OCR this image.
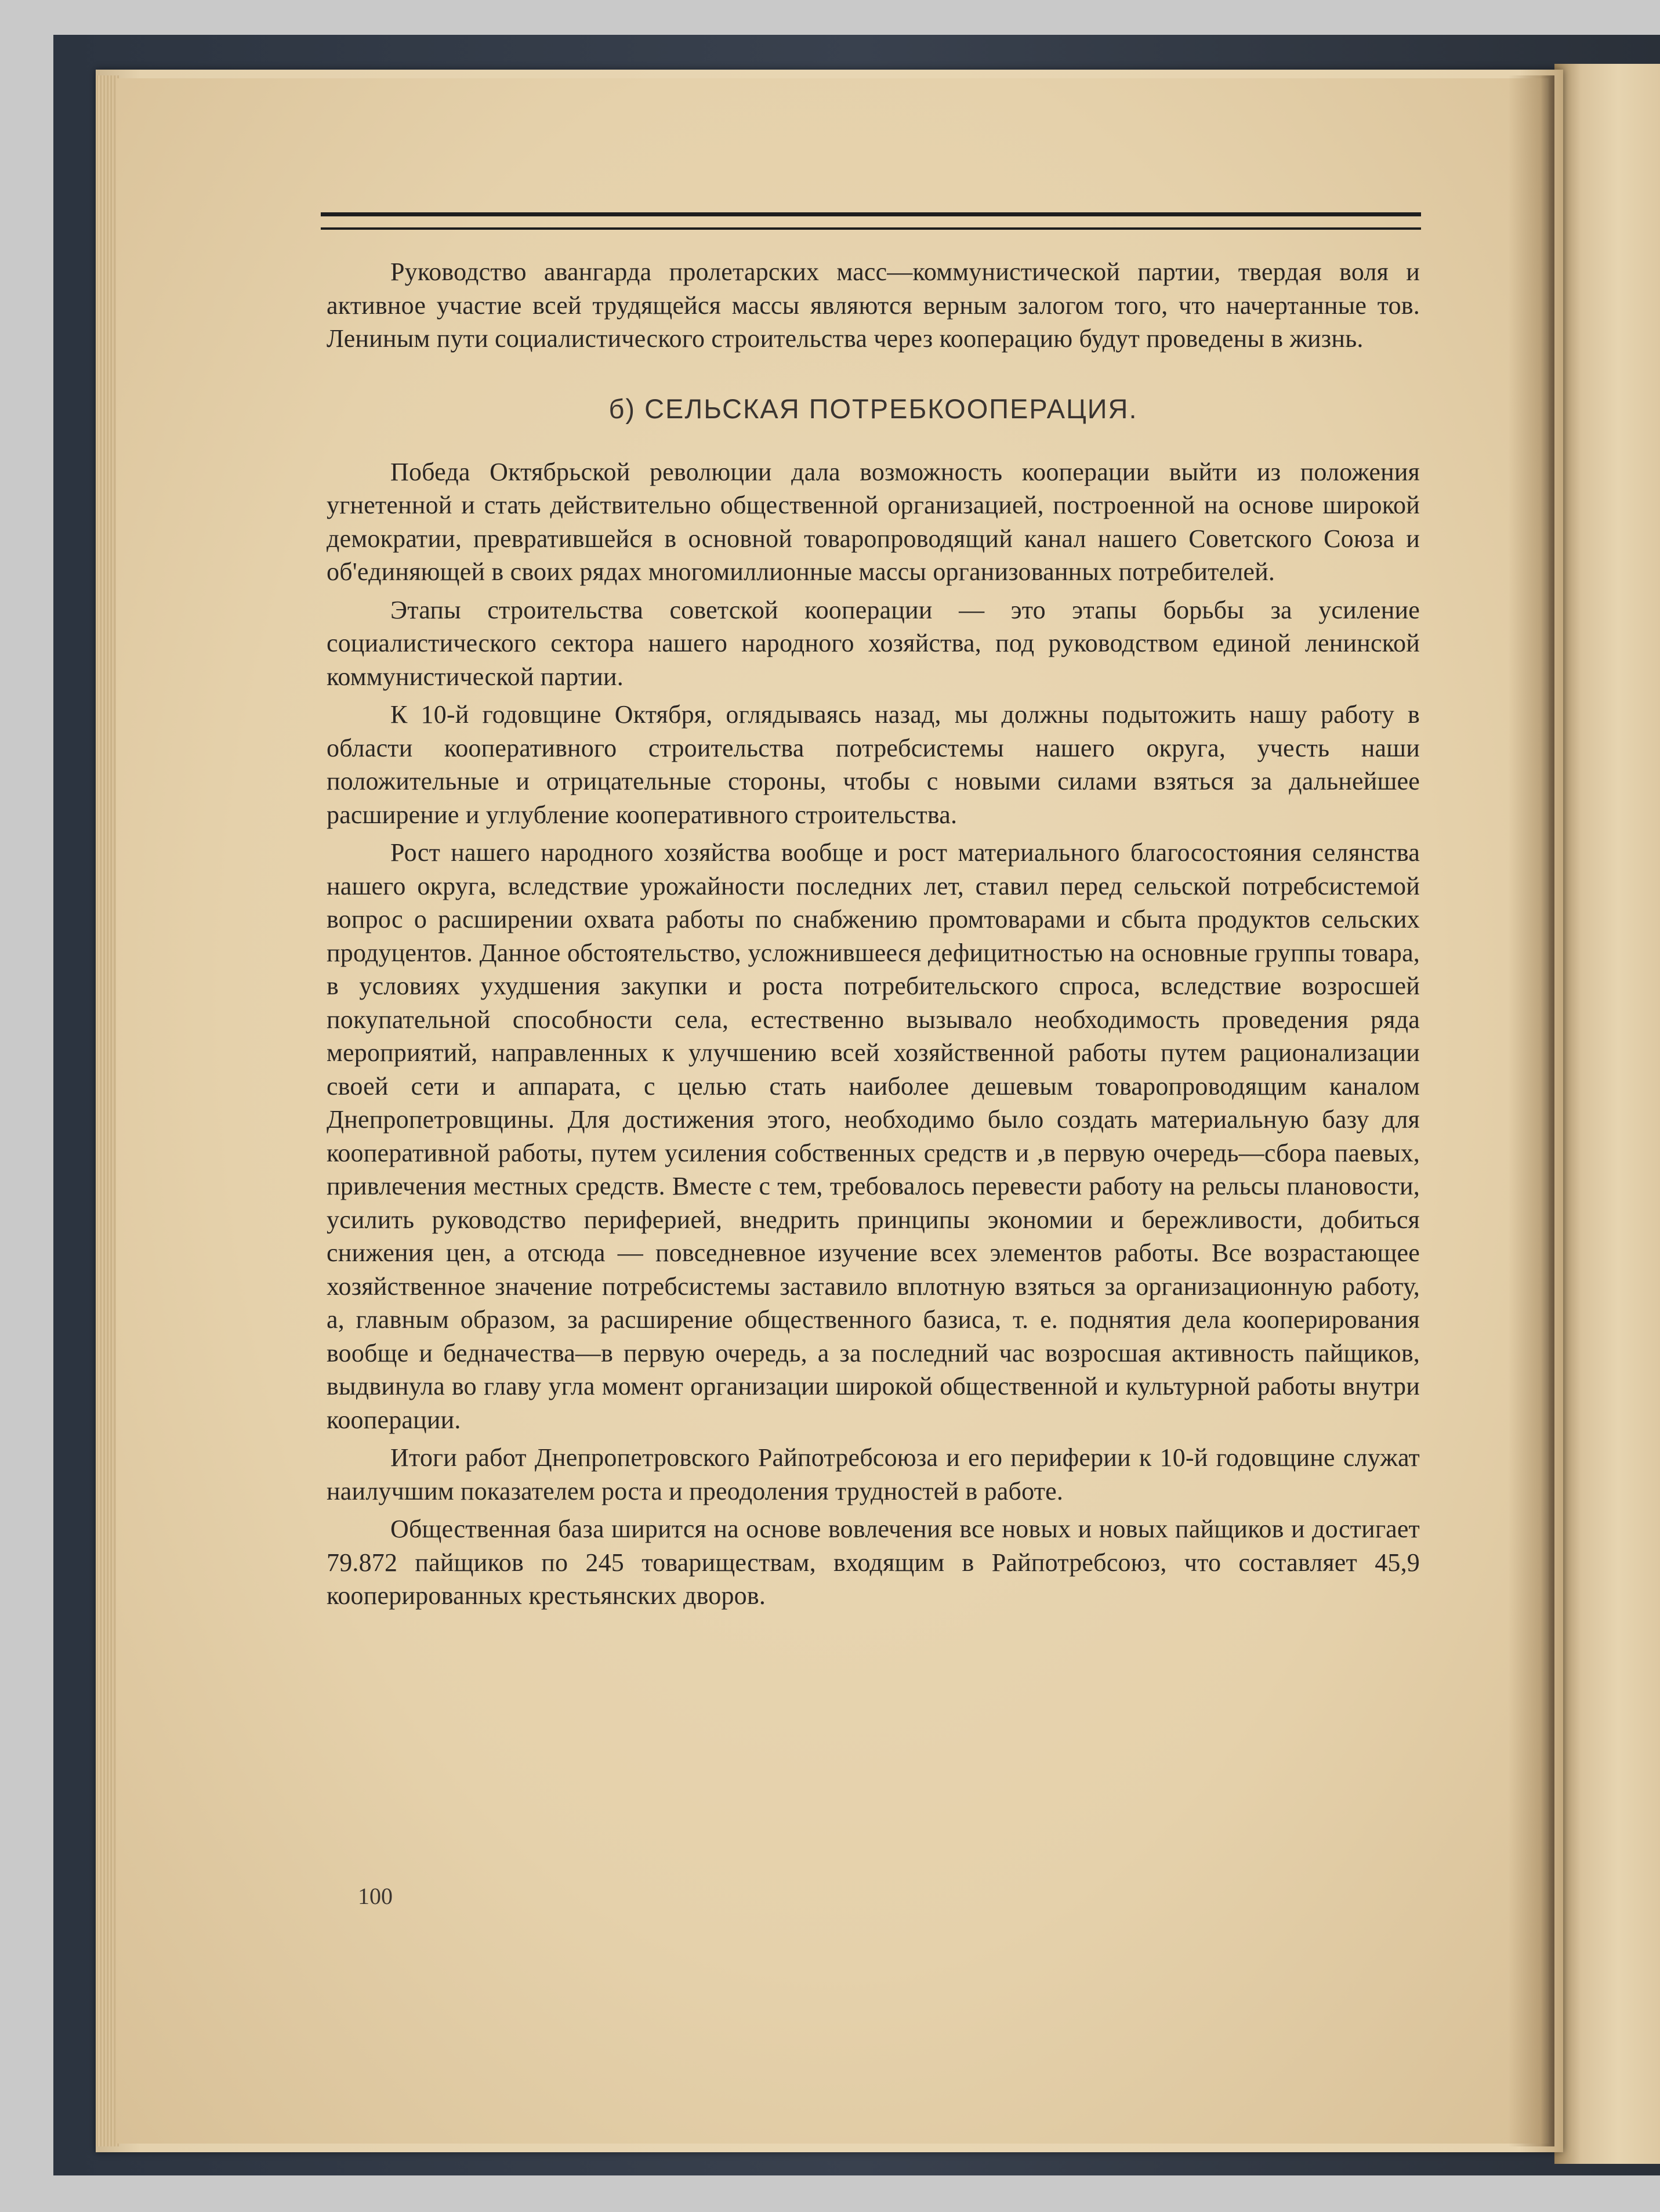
Руководство авангарда пролетарских масс—коммунистической партии, твердая воля и активное участие всей трудящейся массы являются верным залогом того, что начертанные тов. Лениным пути социалистического строительства через кооперацию будут проведены в жизнь.

б) СЕЛЬСКАЯ ПОТРЕБКООПЕРАЦИЯ.

Победа Октябрьской революции дала возможность кооперации выйти из положения угнетенной и стать действительно общественной организацией, построенной на основе широкой демократии, превратившейся в основной товаропроводящий канал нашего Советского Союза и об'единяющей в своих рядах многомиллионные массы организованных потребителей.

Этапы строительства советской кооперации — это этапы борьбы за усиление социалистического сектора нашего народного хозяйства, под руководством единой ленинской коммунистической партии.

К 10-й годовщине Октября, оглядываясь назад, мы должны подытожить нашу работу в области кооперативного строительства потребсистемы нашего округа, учесть наши положительные и отрицательные стороны, чтобы с новыми силами взяться за дальнейшее расширение и углубление кооперативного строительства.

Рост нашего народного хозяйства вообще и рост материального благосостояния селянства нашего округа, вследствие урожайности последних лет, ставил перед сельской потребсистемой вопрос о расширении охвата работы по снабжению промтоварами и сбыта продуктов сельских продуцентов. Данное обстоятельство, усложнившееся дефицитностью на основные группы товара, в условиях ухудшения закупки и роста потребительского спроса, вследствие возросшей покупательной способности села, естественно вызывало необходимость проведения ряда мероприятий, направленных к улучшению всей хозяйственной работы путем рационализации своей сети и аппарата, с целью стать наиболее дешевым товаропроводящим каналом Днепропетровщины. Для достижения этого, необходимо было создать материальную базу для кооперативной работы, путем усиления собственных средств и ,в первую очередь—сбора паевых, привлечения местных средств. Вместе с тем, требовалось перевести работу на рельсы плановости, усилить руководство периферией, внедрить принципы экономии и бережливости, добиться снижения цен, а отсюда — повседневное изучение всех элементов работы. Все возрастающее хозяйственное значение потребсистемы заставило вплотную взяться за организационную работу, а, главным образом, за расширение общественного базиса, т. е. поднятия дела кооперирования вообще и бедначества—в первую очередь, а за последний час возросшая активность пайщиков, выдвинула во главу угла момент организации широкой общественной и культурной работы внутри кооперации.

Итоги работ Днепропетровского Райпотребсоюза и его периферии к 10-й годовщине служат наилучшим показателем роста и преодоления трудностей в работе.

Общественная база ширится на основе вовлечения все новых и новых пайщиков и достигает 79.872 пайщиков по 245 товариществам, входящим в Райпотребсоюз, что составляет 45,9 кооперированных крестьянских дворов.

100
